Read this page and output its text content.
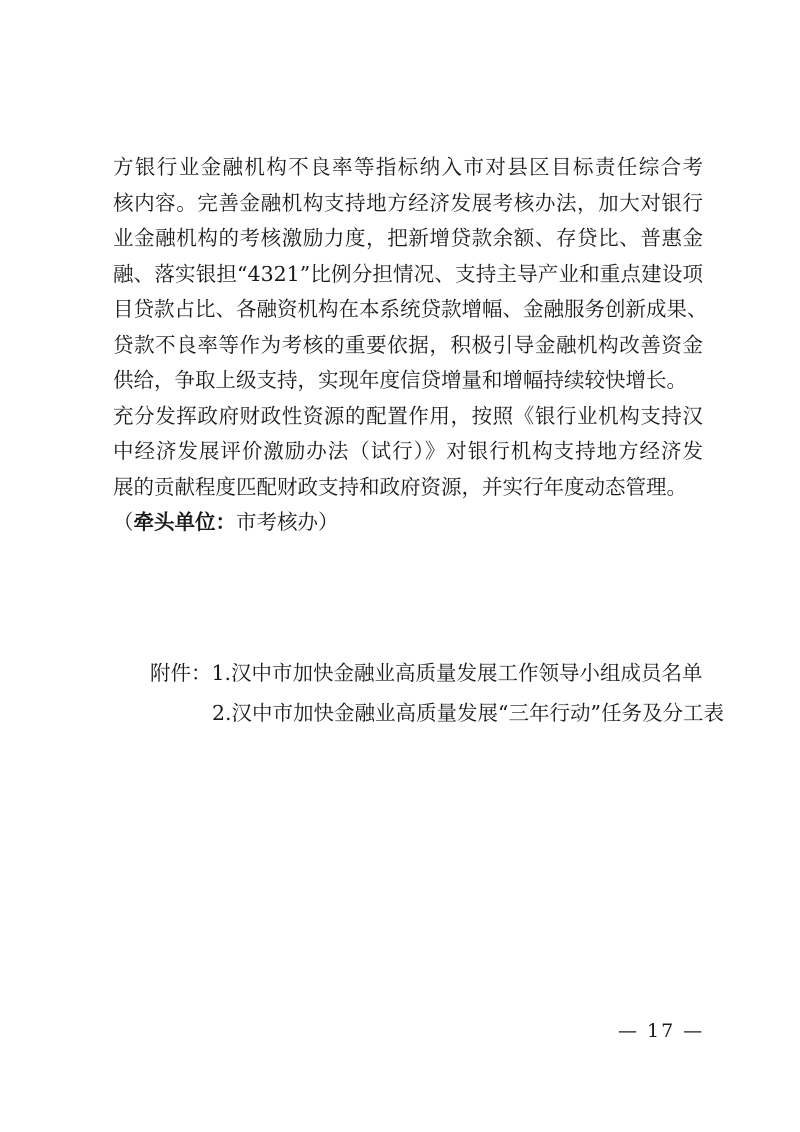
方银行业金融机构不良率等指标纳入市对县区目标责任综合考
核内容。完善金融机构支持地方经济发展考核办法，加大对银行
业金融机构的考核激励力度，把新增贷款余额、存贷比、普惠金
融、落实银担“4321”比例分担情况、支持主导产业和重点建设项
目贷款占比、各融资机构在本系统贷款增幅、金融服务创新成果、
贷款不良率等作为考核的重要依据，积极引导金融机构改善资金
供给，争取上级支持，实现年度信贷增量和增幅持续较快增长。
充分发挥政府财政性资源的配置作用，按照《银行业机构支持汉
中经济发展评价激励办法（试行）》对银行机构支持地方经济发
展的贡献程度匹配财政支持和政府资源，并实行年度动态管理。
（牵头单位：市考核办）
附件：1.汉中市加快金融业高质量发展工作领导小组成员名单
2.汉中市加快金融业高质量发展“三年行动”任务及分工表
— 17 —
